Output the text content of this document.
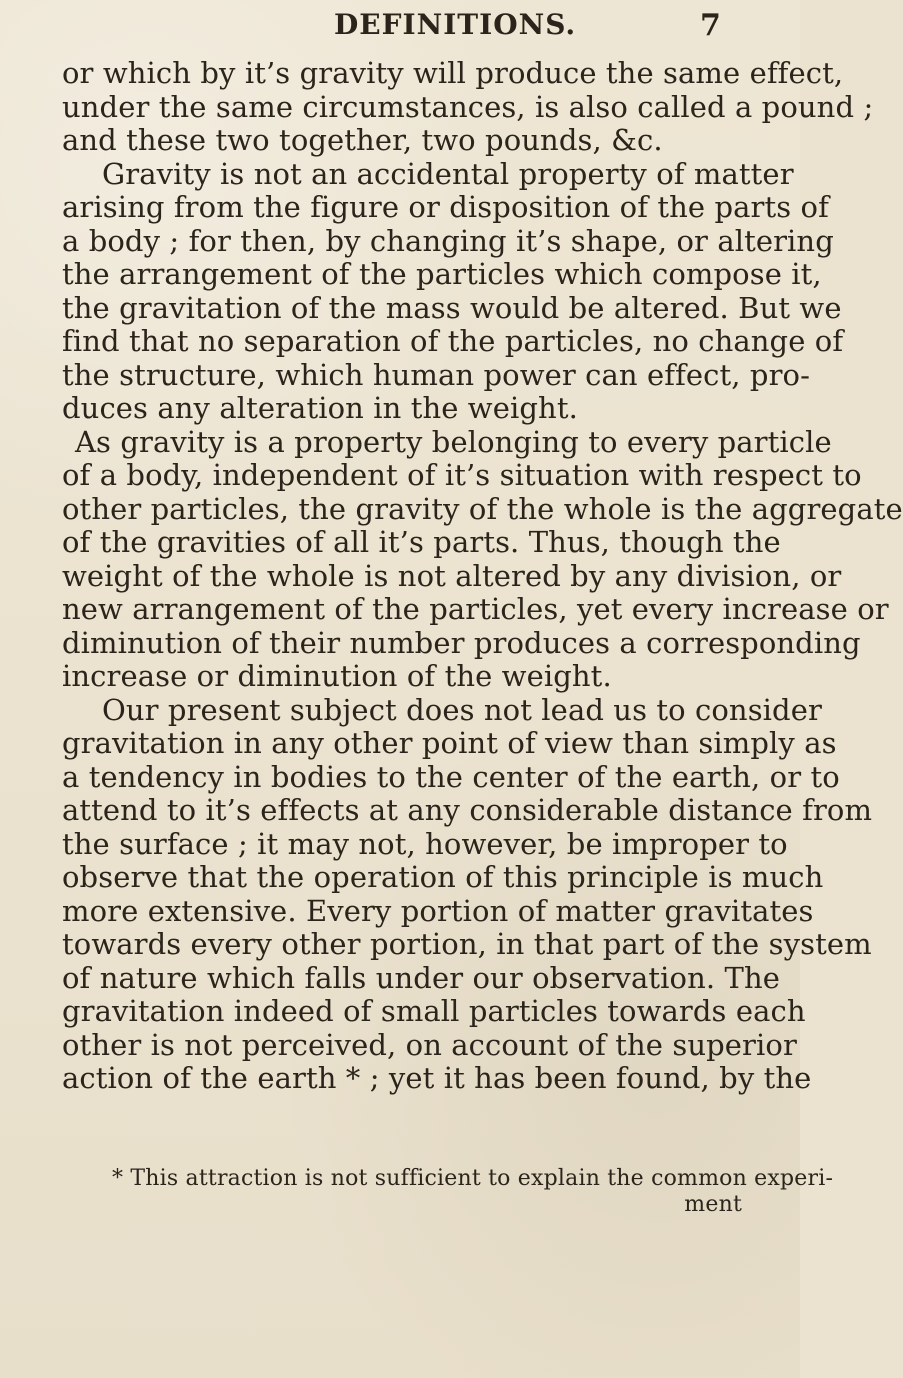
DEFINITIONS.	7
or which by it’s gravity will produce the same effect,
under the same circumstances, is also called a pound ;
and these two together, two pounds, &c.
Gravity is not an accidental property of matter
arising from the figure or disposition of the parts of
a body ; for then, by changing it’s shape, or altering
the arrangement of the particles which compose it,
the gravitation of the mass would be altered. But we
find that no separation of the particles, no change of
the structure, which human power can effect, pro-
duces any alteration in the weight.
As gravity is a property belonging to every particle
of a body, independent of it’s situation with respect to
other particles, the gravity of the whole is the aggregate
of the gravities of all it’s parts. Thus, though the
weight of the whole is not altered by any division, or
new arrangement of the particles, yet every increase or
diminution of their number produces a corresponding
increase or diminution of the weight.
Our present subject does not lead us to consider
gravitation in any other point of view than simply as
a tendency in bodies to the center of the earth, or to
attend to it’s effects at any considerable distance from
the surface ; it may not, however, be improper to
observe that the operation of this principle is much
more extensive. Every portion of matter gravitates
towards every other portion, in that part of the system
of nature which falls under our observation. The
gravitation indeed of small particles towards each
other is not perceived, on account of the superior
action of the earth * ; yet it has been found, by the
* This attraction is not sufficient to explain the common experi-
ment
